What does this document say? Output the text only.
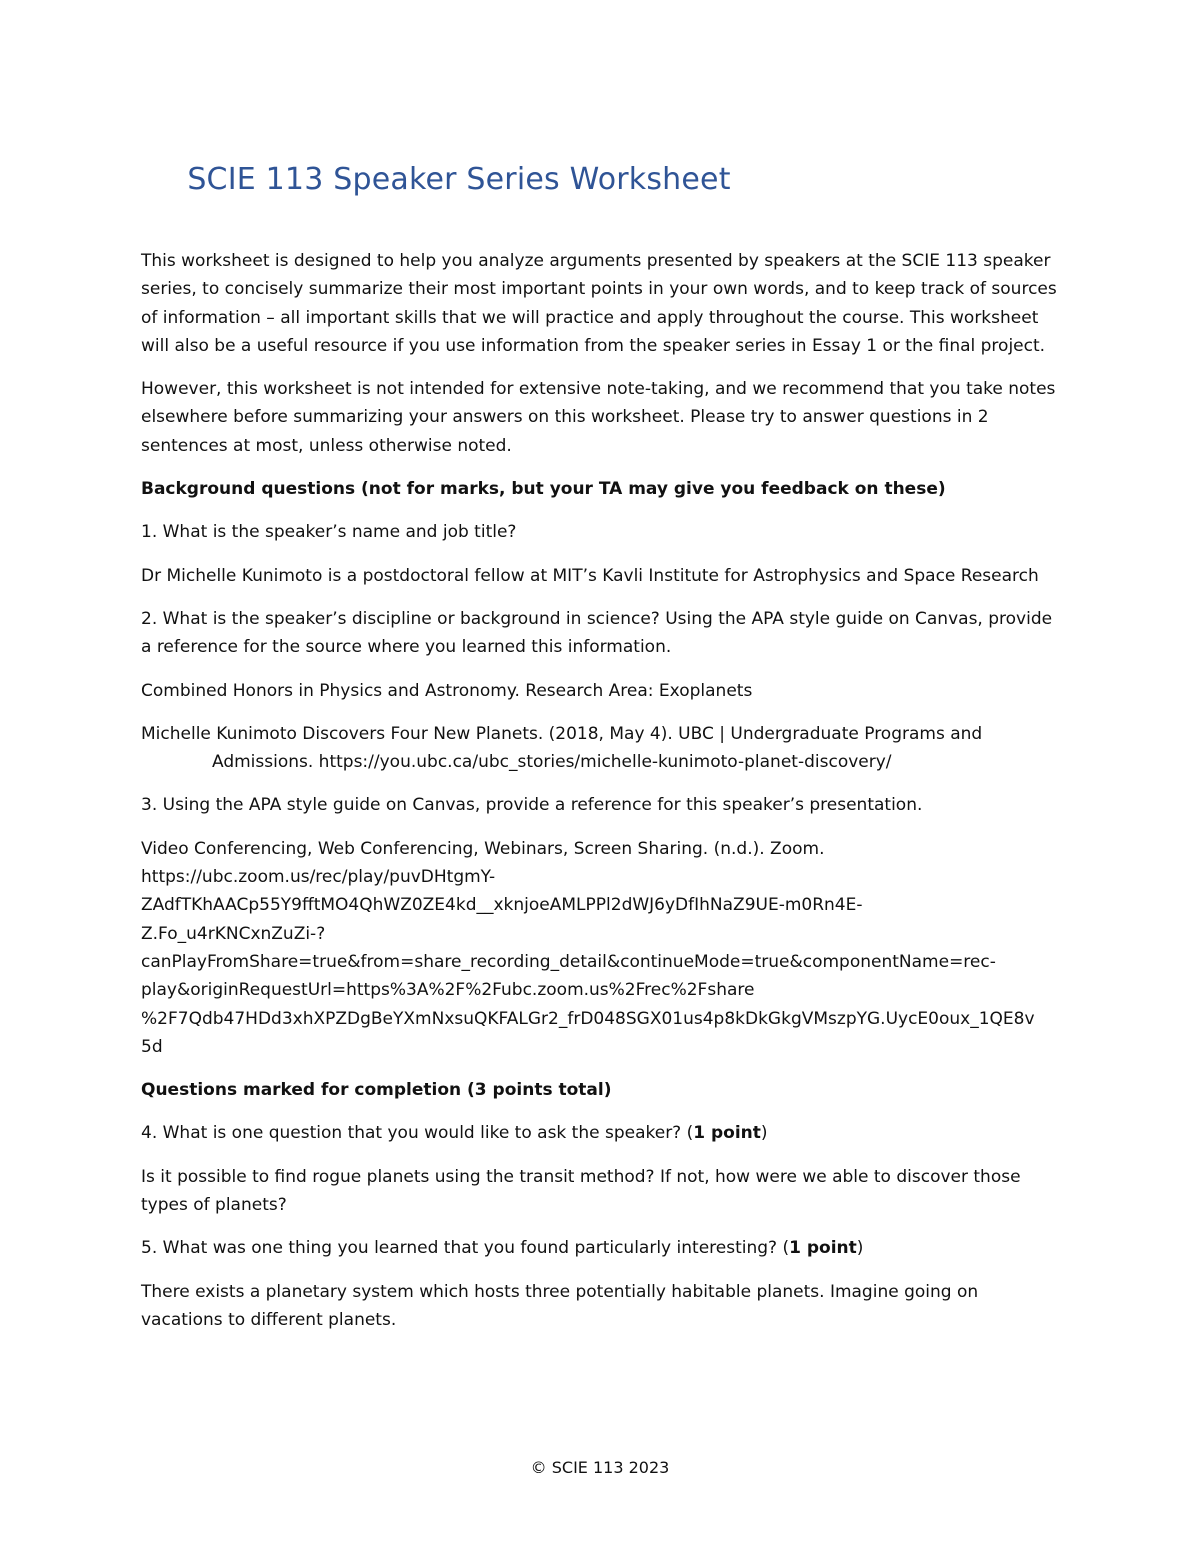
SCIE 113 Speaker Series Worksheet

This worksheet is designed to help you analyze arguments presented by speakers at the SCIE 113 speaker series, to concisely summarize their most important points in your own words, and to keep track of sources of information – all important skills that we will practice and apply throughout the course. This worksheet will also be a useful resource if you use information from the speaker series in Essay 1 or the final project.

However, this worksheet is not intended for extensive note-taking, and we recommend that you take notes elsewhere before summarizing your answers on this worksheet. Please try to answer questions in 2 sentences at most, unless otherwise noted.

Background questions (not for marks, but your TA may give you feedback on these)

1. What is the speaker’s name and job title?

Dr Michelle Kunimoto is a postdoctoral fellow at MIT’s Kavli Institute for Astrophysics and Space Research

2. What is the speaker’s discipline or background in science? Using the APA style guide on Canvas, provide a reference for the source where you learned this information.

Combined Honors in Physics and Astronomy. Research Area: Exoplanets

Michelle Kunimoto Discovers Four New Planets. (2018, May 4). UBC | Undergraduate Programs and Admissions. https://you.ubc.ca/ubc_stories/michelle-kunimoto-planet-discovery/

3. Using the APA style guide on Canvas, provide a reference for this speaker’s presentation.

Video Conferencing, Web Conferencing, Webinars, Screen Sharing. (n.d.). Zoom.
https://ubc.zoom.us/rec/play/puvDHtgmY-
ZAdfTKhAACp55Y9fftMO4QhWZ0ZE4kd__xknjoeAMLPPl2dWJ6yDfIhNaZ9UE-m0Rn4E-
Z.Fo_u4rKNCxnZuZi-?
canPlayFromShare=true&from=share_recording_detail&continueMode=true&componentName=rec-
play&originRequestUrl=https%3A%2F%2Fubc.zoom.us%2Frec%2Fshare
%2F7Qdb47HDd3xhXPZDgBeYXmNxsuQKFALGr2_frD048SGX01us4p8kDkGkgVMszpYG.UycE0oux_1QE8v
5d

Questions marked for completion (3 points total)

4. What is one question that you would like to ask the speaker? (1 point)

Is it possible to find rogue planets using the transit method? If not, how were we able to discover those types of planets?

5. What was one thing you learned that you found particularly interesting? (1 point)

There exists a planetary system which hosts three potentially habitable planets. Imagine going on vacations to different planets.

© SCIE 113 2023
